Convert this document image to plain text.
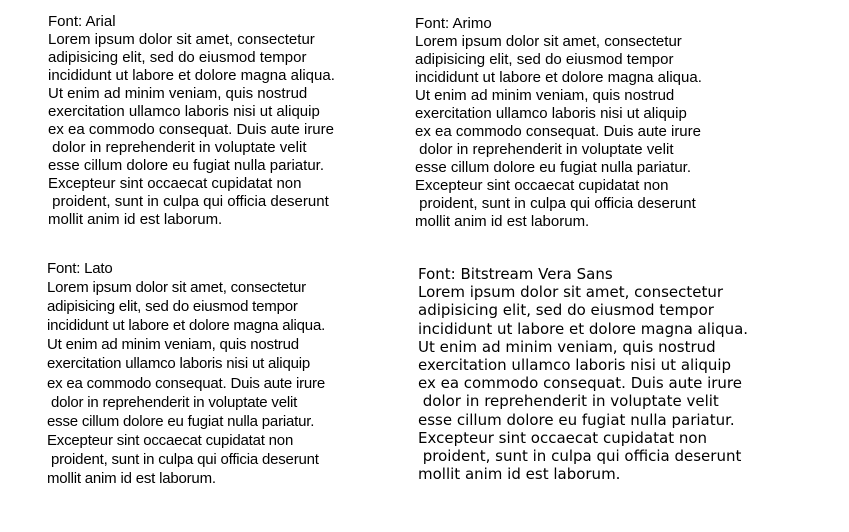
Font: Arial
Lorem ipsum dolor sit amet, consectetur
adipisicing elit, sed do eiusmod tempor
incididunt ut labore et dolore magna aliqua.
Ut enim ad minim veniam, quis nostrud
exercitation ullamco laboris nisi ut aliquip
ex ea commodo consequat. Duis aute irure
dolor in reprehenderit in voluptate velit
esse cillum dolore eu fugiat nulla pariatur.
Excepteur sint occaecat cupidatat non
proident, sunt in culpa qui officia deserunt
mollit anim id est laborum.
Font: Arimo
Lorem ipsum dolor sit amet, consectetur
adipisicing elit, sed do eiusmod tempor
incididunt ut labore et dolore magna aliqua.
Ut enim ad minim veniam, quis nostrud
exercitation ullamco laboris nisi ut aliquip
ex ea commodo consequat. Duis aute irure
dolor in reprehenderit in voluptate velit
esse cillum dolore eu fugiat nulla pariatur.
Excepteur sint occaecat cupidatat non
proident, sunt in culpa qui officia deserunt
mollit anim id est laborum.
Font: Lato
Lorem ipsum dolor sit amet, consectetur
adipisicing elit, sed do eiusmod tempor
incididunt ut labore et dolore magna aliqua.
Ut enim ad minim veniam, quis nostrud
exercitation ullamco laboris nisi ut aliquip
ex ea commodo consequat. Duis aute irure
dolor in reprehenderit in voluptate velit
esse cillum dolore eu fugiat nulla pariatur.
Excepteur sint occaecat cupidatat non
proident, sunt in culpa qui officia deserunt
mollit anim id est laborum.
Font: Bitstream Vera Sans
Lorem ipsum dolor sit amet, consectetur
adipisicing elit, sed do eiusmod tempor
incididunt ut labore et dolore magna aliqua.
Ut enim ad minim veniam, quis nostrud
exercitation ullamco laboris nisi ut aliquip
ex ea commodo consequat. Duis aute irure
dolor in reprehenderit in voluptate velit
esse cillum dolore eu fugiat nulla pariatur.
Excepteur sint occaecat cupidatat non
proident, sunt in culpa qui officia deserunt
mollit anim id est laborum.
